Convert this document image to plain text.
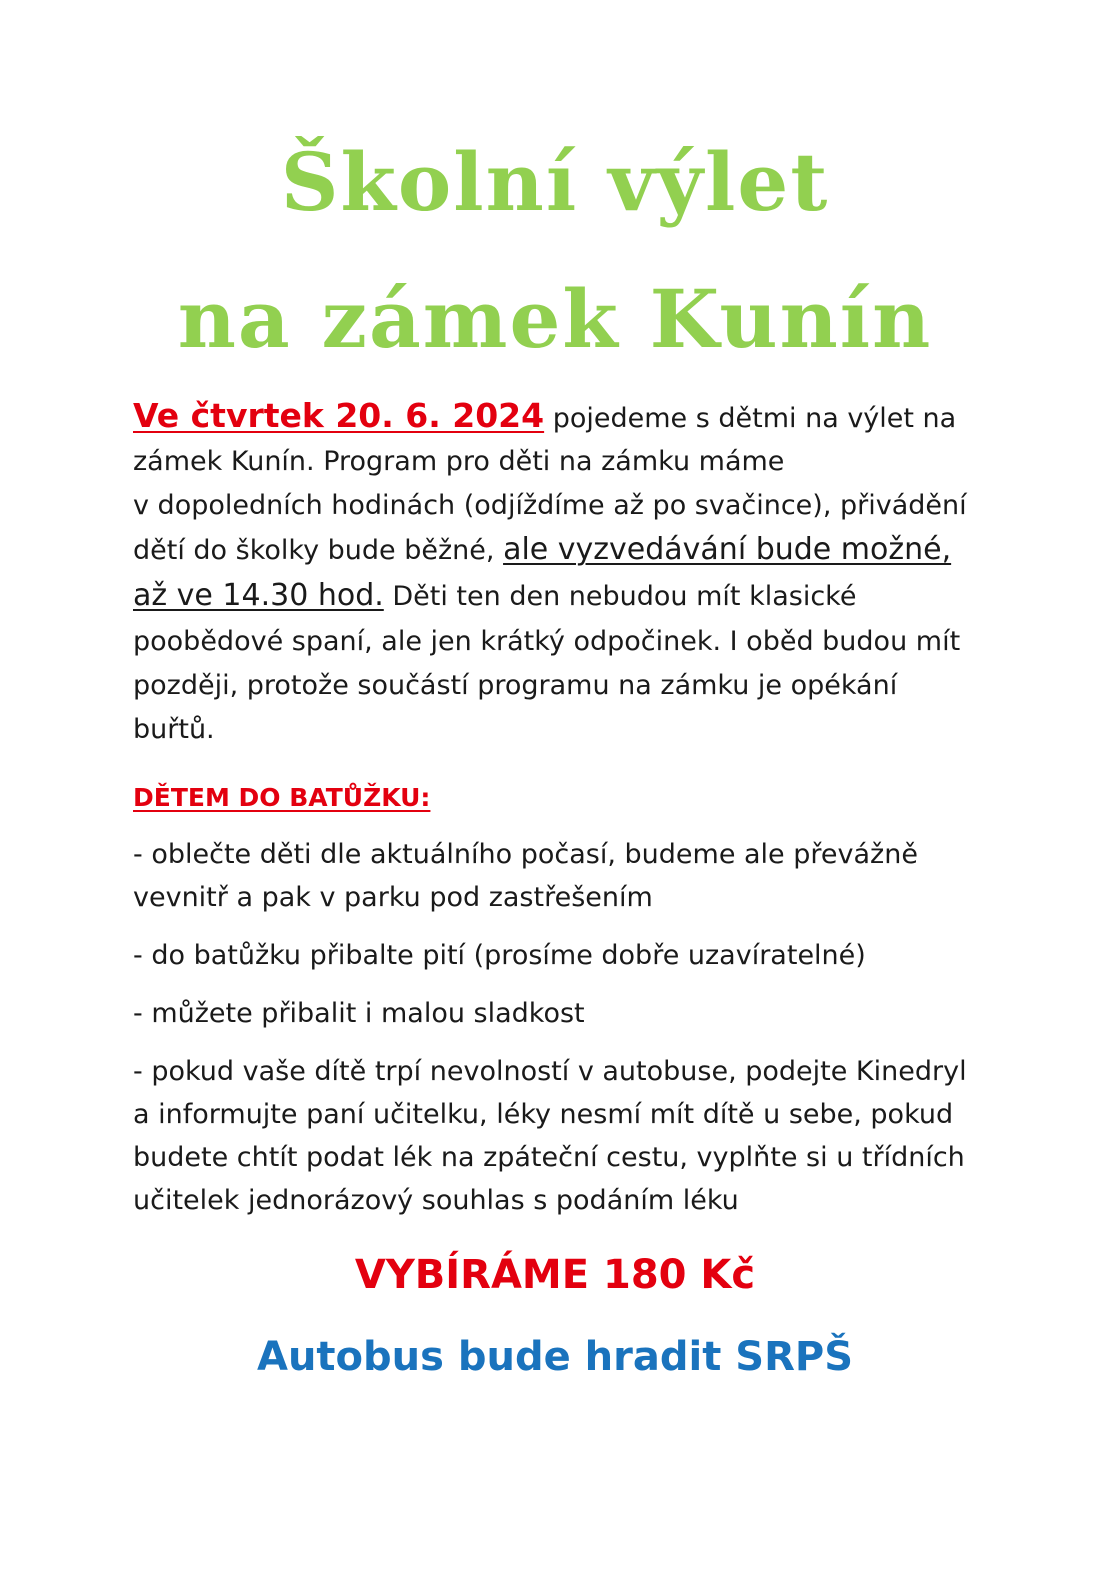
Školní výlet
na zámek Kunín
Ve čtvrtek 20. 6. 2024 pojedeme s dětmi na výlet na
zámek Kunín. Program pro děti na zámku máme
v dopoledních hodinách (odjíždíme až po svačince), přivádění
dětí do školky bude běžné, ale vyzvedávání bude možné,
až ve 14.30 hod. Děti ten den nebudou mít klasické
poobědové spaní, ale jen krátký odpočinek. I oběd budou mít
později, protože součástí programu na zámku je opékání
buřtů.
DĚTEM DO BATŮŽKU:
- oblečte děti dle aktuálního počasí, budeme ale převážně
vevnitř a pak v parku pod zastřešením
- do batůžku přibalte pití (prosíme dobře uzavíratelné)
- můžete přibalit i malou sladkost
- pokud vaše dítě trpí nevolností v autobuse, podejte Kinedryl
a informujte paní učitelku, léky nesmí mít dítě u sebe, pokud
budete chtít podat lék na zpáteční cestu, vyplňte si u třídních
učitelek jednorázový souhlas s podáním léku
VYBÍRÁME 180 Kč
Autobus bude hradit SRPŠ
